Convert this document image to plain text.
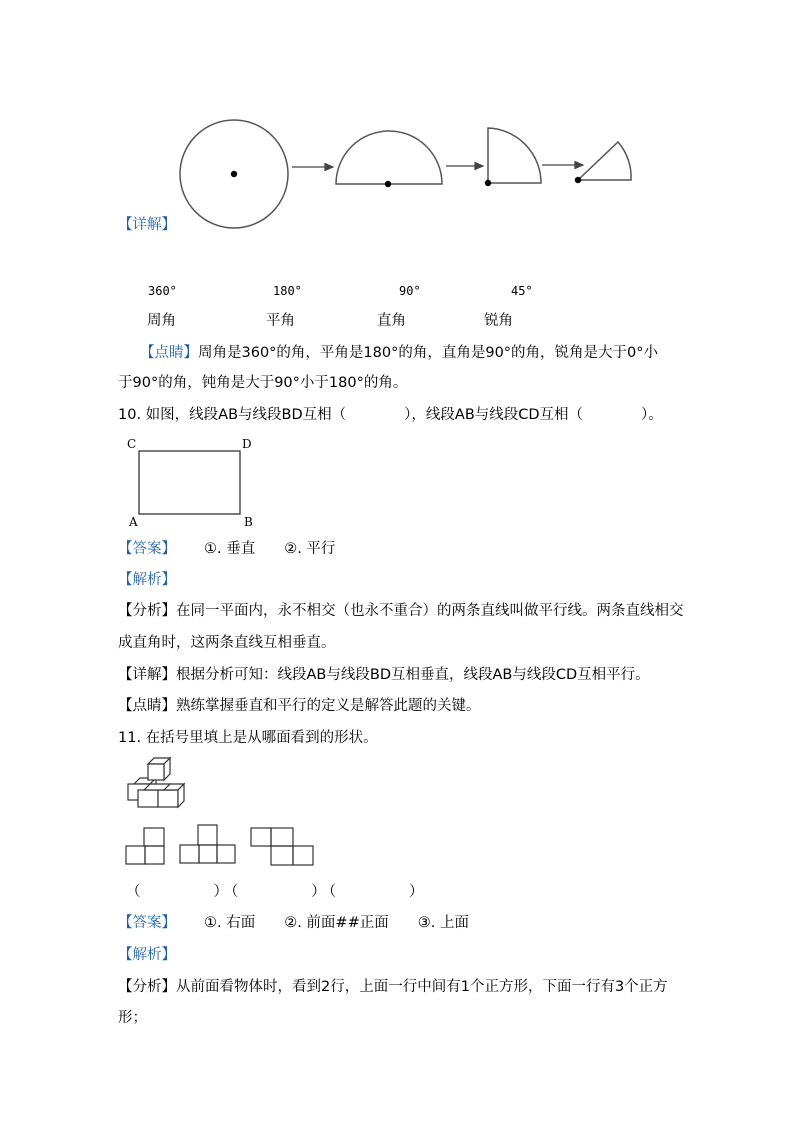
【详解】
360°	180°	90°	45°
周角	平角	直角	锐角
【点睛】周角是360°的角，平角是180°的角，直角是90°的角，锐角是大于0°小
于90°的角，钝角是大于90°小于180°的角。
10. 如图，线段AB与线段BD互相（　　　　），线段AB与线段CD互相（　　　　）。
C	D
A	B
【答案】 ①. 垂直　　②. 平行
【解析】
【分析】在同一平面内，永不相交（也永不重合）的两条直线叫做平行线。两条直线相交
成直角时，这两条直线互相垂直。
【详解】根据分析可知：线段AB与线段BD互相垂直，线段AB与线段CD互相平行。
【点睛】熟练掌握垂直和平行的定义是解答此题的关键。
11. 在括号里填上是从哪面看到的形状。
（　　　　）（　　　　）（　　　　）
【答案】 ①. 右面　　②. 前面##正面　　③. 上面
【解析】
【分析】从前面看物体时，看到2行，上面一行中间有1个正方形，下面一行有3个正方
形；
